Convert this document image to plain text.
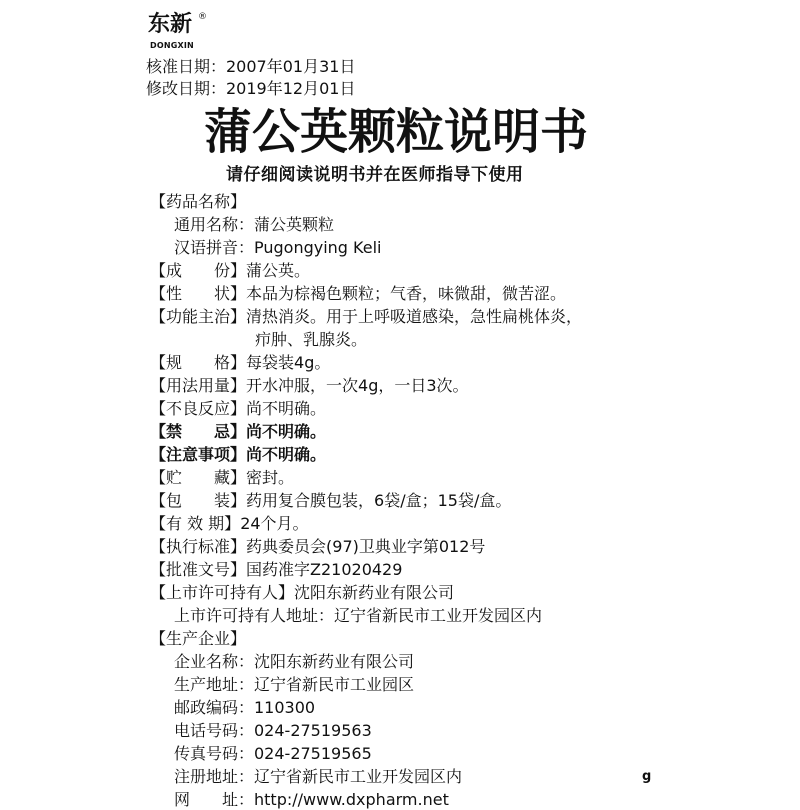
东新 ®
DONGXIN
核准日期：2007年01月31日
修改日期：2019年12月01日
蒲公英颗粒说明书
请仔细阅读说明书并在医师指导下使用
【药品名称】
通用名称：蒲公英颗粒
汉语拼音：Pugongying Keli
【成　　份】蒲公英。
【性　　状】本品为棕褐色颗粒；气香，味微甜，微苦涩。
【功能主治】清热消炎。用于上呼吸道感染，急性扁桃体炎，
疖肿、乳腺炎。
【规　　格】每袋装4g。
【用法用量】开水冲服，一次4g，一日3次。
【不良反应】尚不明确。
【禁　　忌】尚不明确。
【注意事项】尚不明确。
【贮　　藏】密封。
【包　　装】药用复合膜包装，6袋/盒；15袋/盒。
【有 效 期】24个月。
【执行标准】药典委员会(97)卫典业字第012号
【批准文号】国药准字Z21020429
【上市许可持有人】沈阳东新药业有限公司
上市许可持有人地址：辽宁省新民市工业开发园区内
【生产企业】
企业名称：沈阳东新药业有限公司
生产地址：辽宁省新民市工业园区
邮政编码：110300
电话号码：024-27519563
传真号码：024-27519565
注册地址：辽宁省新民市工业开发园区内
网　　址：http://www.dxpharm.net
g
